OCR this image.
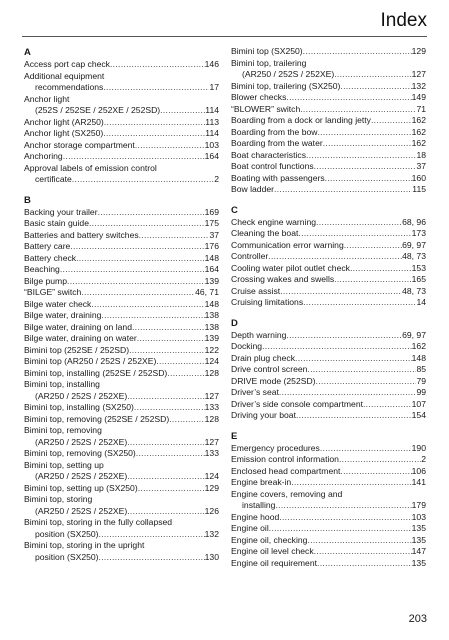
Index
A
Access port cap check .....	146
Additional equipment
recommendations .....	17
Anchor light
(252S / 252SE / 252XE / 252SD) .....	114
Anchor light (AR250) .....	113
Anchor light (SX250) .....	114
Anchor storage compartment .....	103
Anchoring .....	164
Approval labels of emission control
certificate .....	2
B
Backing your trailer .....	169
Basic stain guide .....	175
Batteries and battery switches .....	37
Battery care .....	176
Battery check .....	148
Beaching .....	164
Bilge pump .....	139
“BILGE” switch .....	46, 71
Bilge water check .....	148
Bilge water, draining .....	138
Bilge water, draining on land .....	138
Bilge water, draining on water .....	139
Bimini top (252SE / 252SD) .....	122
Bimini top (AR250 / 252S / 252XE) .....	124
Bimini top, installing (252SE / 252SD) .....	128
Bimini top, installing
(AR250 / 252S / 252XE) .....	127
Bimini top, installing (SX250) .....	133
Bimini top, removing (252SE / 252SD) .....	128
Bimini top, removing
(AR250 / 252S / 252XE) .....	127
Bimini top, removing (SX250) .....	133
Bimini top, setting up
(AR250 / 252S / 252XE) .....	124
Bimini top, setting up (SX250) .....	129
Bimini top, storing
(AR250 / 252S / 252XE) .....	126
Bimini top, storing in the fully collapsed
position (SX250) .....	132
Bimini top, storing in the upright
position (SX250) .....	130
Bimini top (SX250) .....	129
Bimini top, trailering
(AR250 / 252S / 252XE) .....	127
Bimini top, trailering (SX250) .....	132
Blower checks .....	149
“BLOWER” switch .....	71
Boarding from a dock or landing jetty .....	162
Boarding from the bow .....	162
Boarding from the water .....	162
Boat characteristics .....	18
Boat control functions .....	37
Boating with passengers .....	160
Bow ladder .....	115
C
Check engine warning .....	68, 96
Cleaning the boat .....	173
Communication error warning .....	69, 97
Controller .....	48, 73
Cooling water pilot outlet check .....	153
Crossing wakes and swells .....	165
Cruise assist .....	48, 73
Cruising limitations .....	14
D
Depth warning .....	69, 97
Docking .....	162
Drain plug check .....	148
Drive control screen .....	85
DRIVE mode (252SD) .....	79
Driver’s seat .....	99
Driver’s side console compartment .....	107
Driving your boat .....	154
E
Emergency procedures .....	190
Emission control information .....	2
Enclosed head compartment .....	106
Engine break-in .....	141
Engine covers, removing and
installing .....	179
Engine hood .....	103
Engine oil .....	135
Engine oil, checking .....	135
Engine oil level check .....	147
Engine oil requirement .....	135
203
